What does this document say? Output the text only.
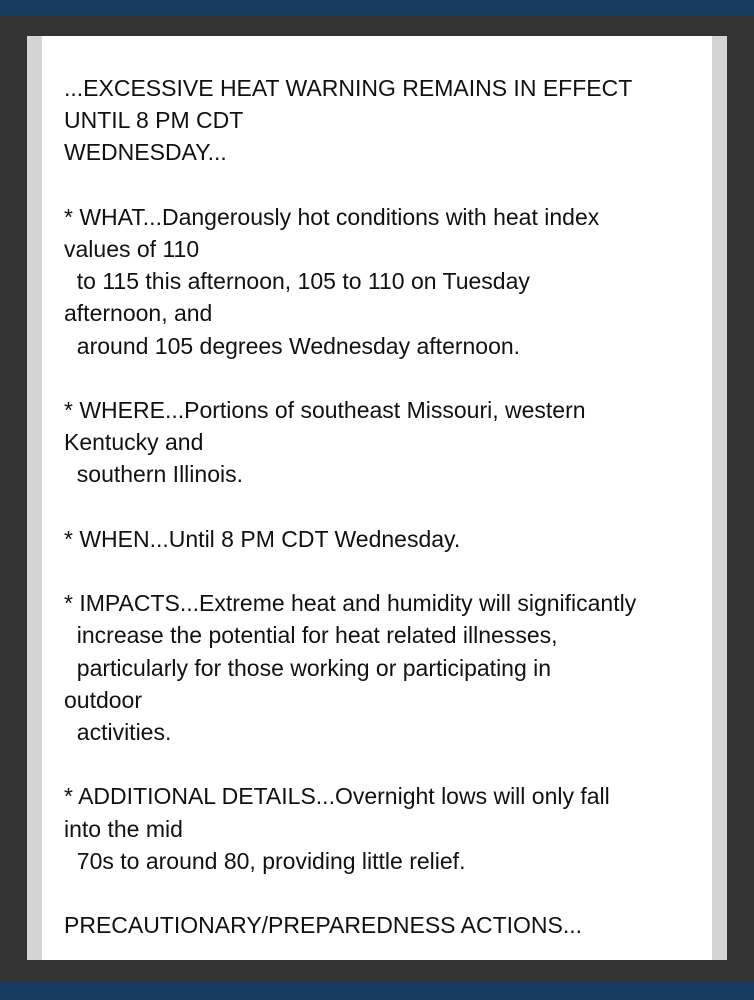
...EXCESSIVE HEAT WARNING REMAINS IN EFFECT
UNTIL 8 PM CDT
WEDNESDAY...

* WHAT...Dangerously hot conditions with heat index
values of 110
to 115 this afternoon, 105 to 110 on Tuesday
afternoon, and
around 105 degrees Wednesday afternoon.

* WHERE...Portions of southeast Missouri, western
Kentucky and
southern Illinois.

* WHEN...Until 8 PM CDT Wednesday.

* IMPACTS...Extreme heat and humidity will significantly
increase the potential for heat related illnesses,
particularly for those working or participating in
outdoor
activities.

* ADDITIONAL DETAILS...Overnight lows will only fall
into the mid
70s to around 80, providing little relief.

PRECAUTIONARY/PREPAREDNESS ACTIONS...
